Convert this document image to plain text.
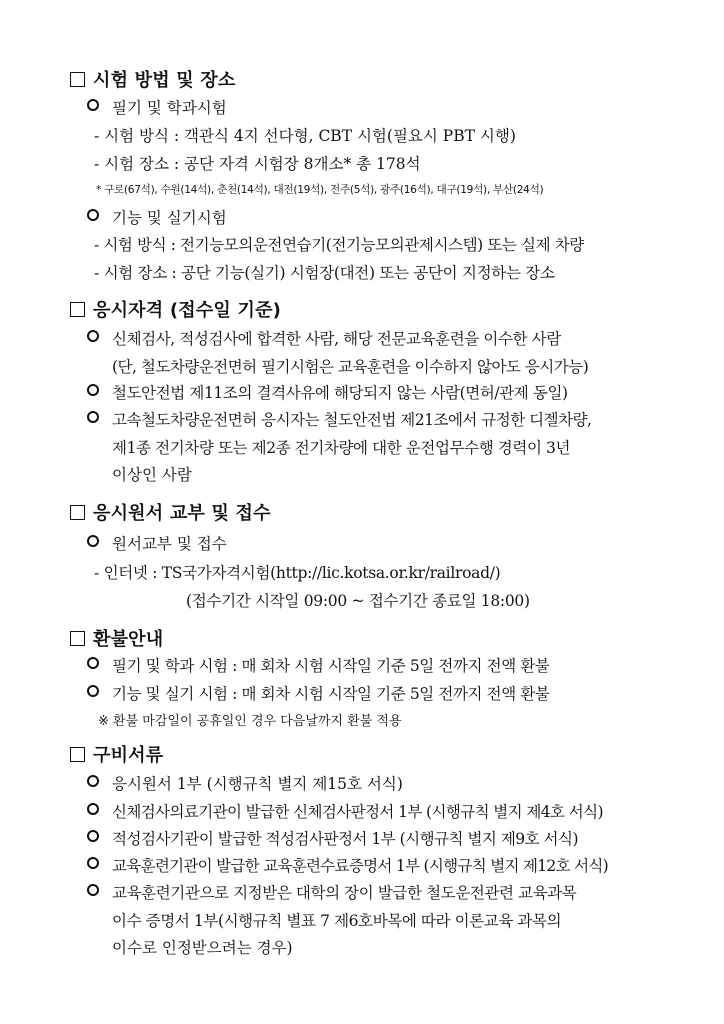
시험 방법 및 장소
필기 및 학과시험
- 시험 방식 : 객관식 4지 선다형, CBT 시험(필요시 PBT 시행)
- 시험 장소 : 공단 자격 시험장 8개소* 총 178석
* 구로(67석), 수원(14석), 춘천(14석), 대전(19석), 전주(5석), 광주(16석), 대구(19석), 부산(24석)
기능 및 실기시험
- 시험 방식 : 전기능모의운전연습기(전기능모의관제시스템) 또는 실제 차량
- 시험 장소 : 공단 기능(실기) 시험장(대전) 또는 공단이 지정하는 장소
응시자격 (접수일 기준)
신체검사, 적성검사에 합격한 사람, 해당 전문교육훈련을 이수한 사람
(단, 철도차량운전면허 필기시험은 교육훈련을 이수하지 않아도 응시가능)
철도안전법 제11조의 결격사유에 해당되지 않는 사람(면허/관제 동일)
고속철도차량운전면허 응시자는 철도안전법 제21조에서 규정한 디젤차량,
제1종 전기차량 또는 제2종 전기차량에 대한 운전업무수행 경력이 3년
이상인 사람
응시원서 교부 및 접수
원서교부 및 접수
- 인터넷 : TS국가자격시험(http://lic.kotsa.or.kr/railroad/)
(접수기간 시작일 09:00 ~ 접수기간 종료일 18:00)
환불안내
필기 및 학과 시험 : 매 회차 시험 시작일 기준 5일 전까지 전액 환불
기능 및 실기 시험 : 매 회차 시험 시작일 기준 5일 전까지 전액 환불
※ 환불 마감일이 공휴일인 경우 다음날까지 환불 적용
구비서류
응시원서 1부 (시행규칙 별지 제15호 서식)
신체검사의료기관이 발급한 신체검사판정서 1부 (시행규칙 별지 제4호 서식)
적성검사기관이 발급한 적성검사판정서 1부 (시행규칙 별지 제9호 서식)
교육훈련기관이 발급한 교육훈련수료증명서 1부 (시행규칙 별지 제12호 서식)
교육훈련기관으로 지정받은 대학의 장이 발급한 철도운전관련 교육과목
이수 증명서 1부(시행규칙 별표 7 제6호바목에 따라 이론교육 과목의
이수로 인정받으려는 경우)
